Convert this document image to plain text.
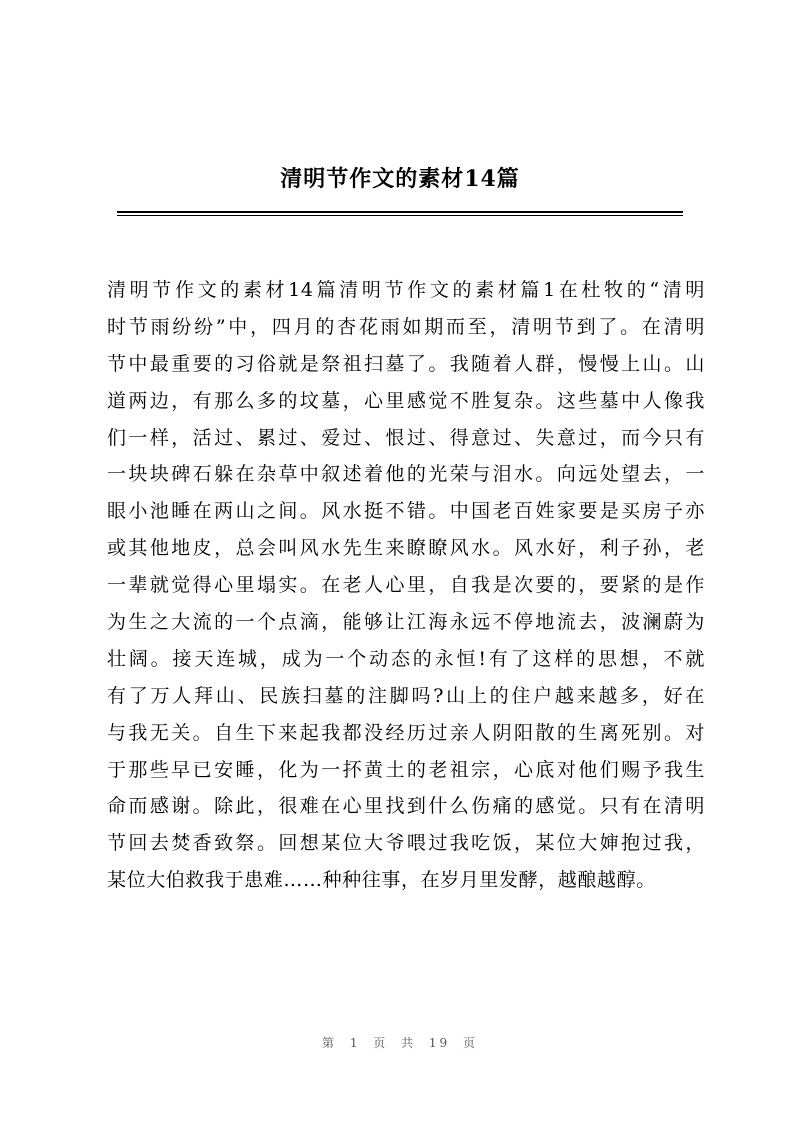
清明节作文的素材14篇
清明节作文的素材14篇清明节作文的素材篇1在杜牧的“清明
时节雨纷纷”中，四月的杏花雨如期而至，清明节到了。在清明
节中最重要的习俗就是祭祖扫墓了。我随着人群，慢慢上山。山
道两边，有那么多的坟墓，心里感觉不胜复杂。这些墓中人像我
们一样，活过、累过、爱过、恨过、得意过、失意过，而今只有
一块块碑石躲在杂草中叙述着他的光荣与泪水。向远处望去，一
眼小池睡在两山之间。风水挺不错。中国老百姓家要是买房子亦
或其他地皮，总会叫风水先生来瞭瞭风水。风水好，利子孙，老
一辈就觉得心里塌实。在老人心里，自我是次要的，要紧的是作
为生之大流的一个点滴，能够让江海永远不停地流去，波澜蔚为
壮阔。接天连城，成为一个动态的永恒!有了这样的思想，不就
有了万人拜山、民族扫墓的注脚吗?山上的住户越来越多，好在
与我无关。自生下来起我都没经历过亲人阴阳散的生离死别。对
于那些早已安睡，化为一抔黄土的老祖宗，心底对他们赐予我生
命而感谢。除此，很难在心里找到什么伤痛的感觉。只有在清明
节回去焚香致祭。回想某位大爷喂过我吃饭，某位大婶抱过我，
某位大伯救我于患难……种种往事，在岁月里发酵，越酿越醇。
第 1 页 共 19 页
